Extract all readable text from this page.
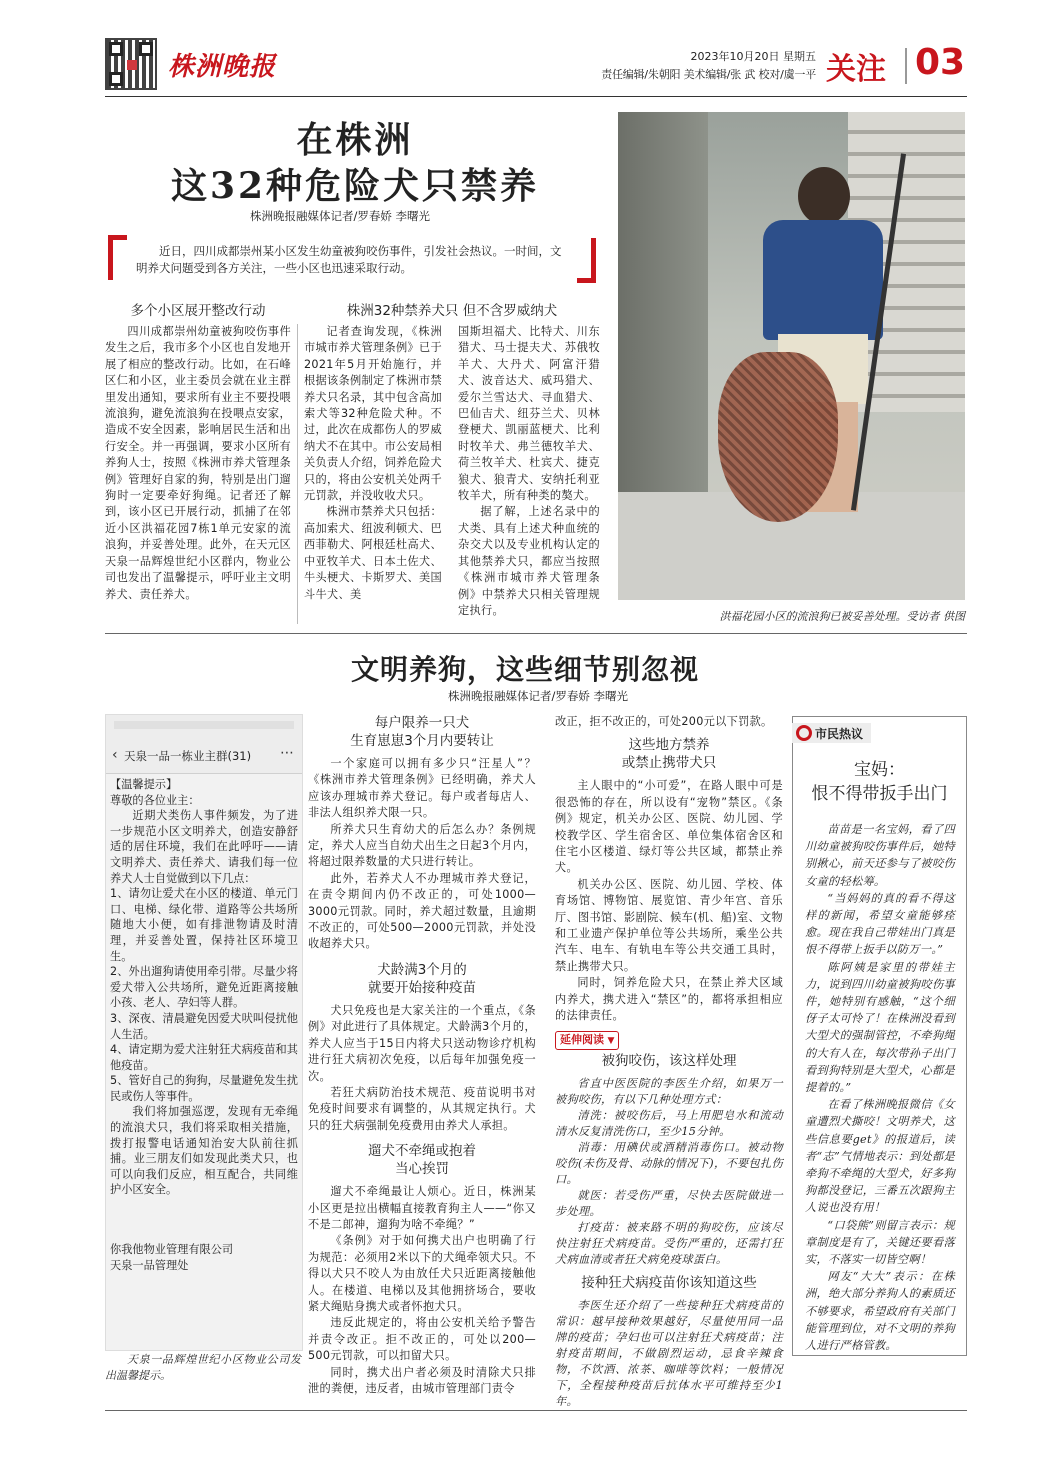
株洲晚报	2023年10月20日 星期五
责任编辑/朱朝阳 美术编辑/张 武 校对/虞一平 关注 03
在株洲
这32种危险犬只禁养
株洲晚报融媒体记者/罗春娇 李曙光
近日，四川成都崇州某小区发生幼童被狗咬伤事件，引发社会热议。一时间，文明养犬问题受到各方关注，一些小区也迅速采取行动。
多个小区展开整改行动	株洲32种禁养犬只 但不含罗威纳犬

四川成都崇州幼童被狗咬伤事件发生之后，我市多个小区也自发地开展了相应的整改行动。比如，在石峰区仁和小区，业主委员会就在业主群里发出通知，要求所有业主不要投喂流浪狗，避免流浪狗在投喂点安家，造成不安全因素，影响居民生活和出行安全。并一再强调，要求小区所有养狗人士，按照《株洲市养犬管理条例》管理好自家的狗，特别是出门遛狗时一定要牵好狗绳。记者还了解到，该小区已开展行动，抓捕了在邻近小区洪福花园7栋1单元安家的流浪狗，并妥善处理。此外，在天元区天泉一品辉煌世纪小区群内，物业公司也发出了温馨提示，呼吁业主文明养犬、责任养犬。

记者查询发现，《株洲市城市养犬管理条例》已于2021年5月开始施行，并根据该条例制定了株洲市禁养犬只名录，其中包含高加索犬等32种危险犬种。不过，此次在成都伤人的罗威纳犬不在其中。市公安局相关负责人介绍，饲养危险犬只的，将由公安机关处两千元罚款，并没收收犬只。

株洲市禁养犬只包括：高加索犬、纽波利顿犬、巴西菲勒犬、阿根廷杜高犬、中亚牧羊犬、日本土佐犬、牛头梗犬、卡斯罗犬、美国斗牛犬、美

国斯坦福犬、比特犬、川东猎犬、马士提夫犬、苏俄牧羊犬、大丹犬、阿富汗猎犬、波音达犬、威玛猎犬、爱尔兰雪达犬、寻血猎犬、巴仙吉犬、纽芬兰犬、贝林登梗犬、凯丽蓝梗犬、比利时牧羊犬、弗兰德牧羊犬、荷兰牧羊犬、杜宾犬、捷克狼犬、狼青犬、安纳托利亚牧羊犬，所有种类的獒犬。

据了解，上述名录中的犬类、具有上述犬种血统的杂交犬以及专业机构认定的其他禁养犬只，都应当按照《株洲市城市养犬管理条例》中禁养犬只相关管理规定执行。	洪福花园小区的流浪狗已被妥善处理。受访者 供图
文明养狗，这些细节别忽视
株洲晚报融媒体记者/罗春娇 李曙光
‹ 天泉一品一栋业主群(31) ⋯
【温馨提示】
尊敬的各位业主：
近期犬类伤人事件频发，为了进一步规范小区文明养犬，创造安静舒适的居住环境，我们在此呼吁——请文明养犬、责任养犬、请我们每一位养犬人士自觉做到以下几点：
1、请勿让爱犬在小区的楼道、单元门口、电梯、绿化带、道路等公共场所随地大小便，如有排泄物请及时清理，并妥善处置，保持社区环境卫生。
2、外出遛狗请使用牵引带。尽量少将爱犬带入公共场所，避免近距离接触小孩、老人、孕妇等人群。
3、深夜、清晨避免因爱犬吠叫侵扰他人生活。
4、请定期为爱犬注射狂犬病疫苗和其他疫苗。
5、管好自己的狗狗，尽量避免发生扰民或伤人等事件。
我们将加强巡逻，发现有无牵绳的流浪犬只，我们将采取相关措施，拨打报警电话通知治安大队前往抓捕。业三朋友们如发现此类犬只，也可以向我们反应，相互配合，共同维护小区安全。
你我他物业管理有限公司
天泉一品管理处
天泉一品辉煌世纪小区物业公司发出温馨提示。
每户限养一只犬
生育崽崽3个月内要转让

一个家庭可以拥有多少只“汪星人”？《株洲市养犬管理条例》已经明确，养犬人应该办理城市养犬登记。每户或者每店人、非法人组织养犬限一只。

所养犬只生育幼犬的后怎么办？条例规定，养犬人应当自幼犬出生之日起3个月内，将超过限养数量的犬只进行转让。

此外，若养犬人不办理城市养犬登记，在责令期间内仍不改正的，可处1000—3000元罚款。同时，养犬超过数量，且逾期不改正的，可处500—2000元罚款，并处没收超养犬只。

犬龄满3个月的
就要开始接种疫苗

犬只免疫也是大家关注的一个重点，《条例》对此进行了具体规定。犬龄满3个月的，养犬人应当于15日内将犬只送动物诊疗机构进行狂犬病初次免疫，以后每年加强免疫一次。

若狂犬病防治技术规范、疫苗说明书对免疫时间要求有调整的，从其规定执行。犬只的狂犬病强制免疫费用由养犬人承担。

遛犬不牵绳或抱着
当心挨罚

遛犬不牵绳最让人烦心。近日，株洲某小区更是拉出横幅直接教育狗主人——“你又不是二郎神，遛狗为啥不牵绳？”

《条例》对于如何携犬出户也明确了行为规范：必须用2米以下的犬绳牵领犬只。不得以犬只不咬人为由放任犬只近距离接触他人。在楼道、电梯以及其他拥挤场合，要收紧犬绳贴身携犬或者怀抱犬只。

违反此规定的，将由公安机关给予警告并责令改正。拒不改正的，可处以200—500元罚款，可以扣留犬只。

同时，携犬出户者必须及时清除犬只排泄的粪便，违反者，由城市管理部门责令

改正，拒不改正的，可处200元以下罚款。

这些地方禁养
或禁止携带犬只

主人眼中的“小可爱”，在路人眼中可是很恐怖的存在，所以设有“宠物”禁区。《条例》规定，机关办公区、医院、幼儿园、学校教学区、学生宿舍区、单位集体宿舍区和住宅小区楼道、绿灯等公共区域，都禁止养犬。

机关办公区、医院、幼儿园、学校、体育场馆、博物馆、展览馆、青少年宫、音乐厅、图书馆、影剧院、候车(机、船)室、文物和工业遗产保护单位等公共场所，乘坐公共汽车、电车、有轨电车等公共交通工具时，禁止携带犬只。

同时，饲养危险犬只，在禁止养犬区域内养犬，携犬进入“禁区”的，都将承担相应的法律责任。

延伸阅读 ▼
被狗咬伤，该这样处理

省直中医医院的李医生介绍，如果万一被狗咬伤，有以下几种处理方式：

清洗：被咬伤后，马上用肥皂水和流动清水反复清洗伤口，至少15分钟。

消毒：用碘伏或酒精消毒伤口。被动物咬伤(未伤及骨、动脉的情况下)，不要包扎伤口。

就医：若受伤严重，尽快去医院做进一步处理。

打疫苗：被来路不明的狗咬伤，应该尽快注射狂犬病疫苗。受伤严重的，还需打狂犬病血清或者狂犬病免疫球蛋白。

接种狂犬病疫苗你该知道这些

李医生还介绍了一些接种狂犬病疫苗的常识：越早接种效果越好，尽量使用同一品牌的疫苗；孕妇也可以注射狂犬病疫苗；注射疫苗期间，不做剧烈运动，忌食辛辣食物，不饮酒、浓茶、咖啡等饮料；一般情况下，全程接种疫苗后抗体水平可维持至少1年。

市民热议
宝妈：
恨不得带扳手出门

苗苗是一名宝妈，看了四川幼童被狗咬伤事件后，她特别揪心，前天还参与了被咬伤女童的轻松筹。

“当妈妈的真的看不得这样的新闻，希望女童能够痊愈。现在我自己带娃出门真是恨不得带上扳手以防万一。”

陈阿姨是家里的带娃主力，说到四川幼童被狗咬伤事件，她特别有感触，“这个细伢子太可怜了！在株洲没看到大型犬的强制管控，不牵狗绳的大有人在，每次带孙子出门看到狗特别是大型犬，心都是提着的。”

在看了株洲晚报微信《女童遭烈犬撕咬！文明养犬，这些信息要get》的报道后，读者“志”气情地表示：到处都是牵狗不牵绳的大型犬，好多狗狗都没登记，三番五次跟狗主人说也没有用！

“口袋熊”则留言表示：规章制度是有了，关键还要看落实，不落实一切皆空啊！

网友“大大”表示：在株洲，绝大部分养狗人的素质还不够要求，希望政府有关部门能管理到位，对不文明的养狗人进行严格管教。
